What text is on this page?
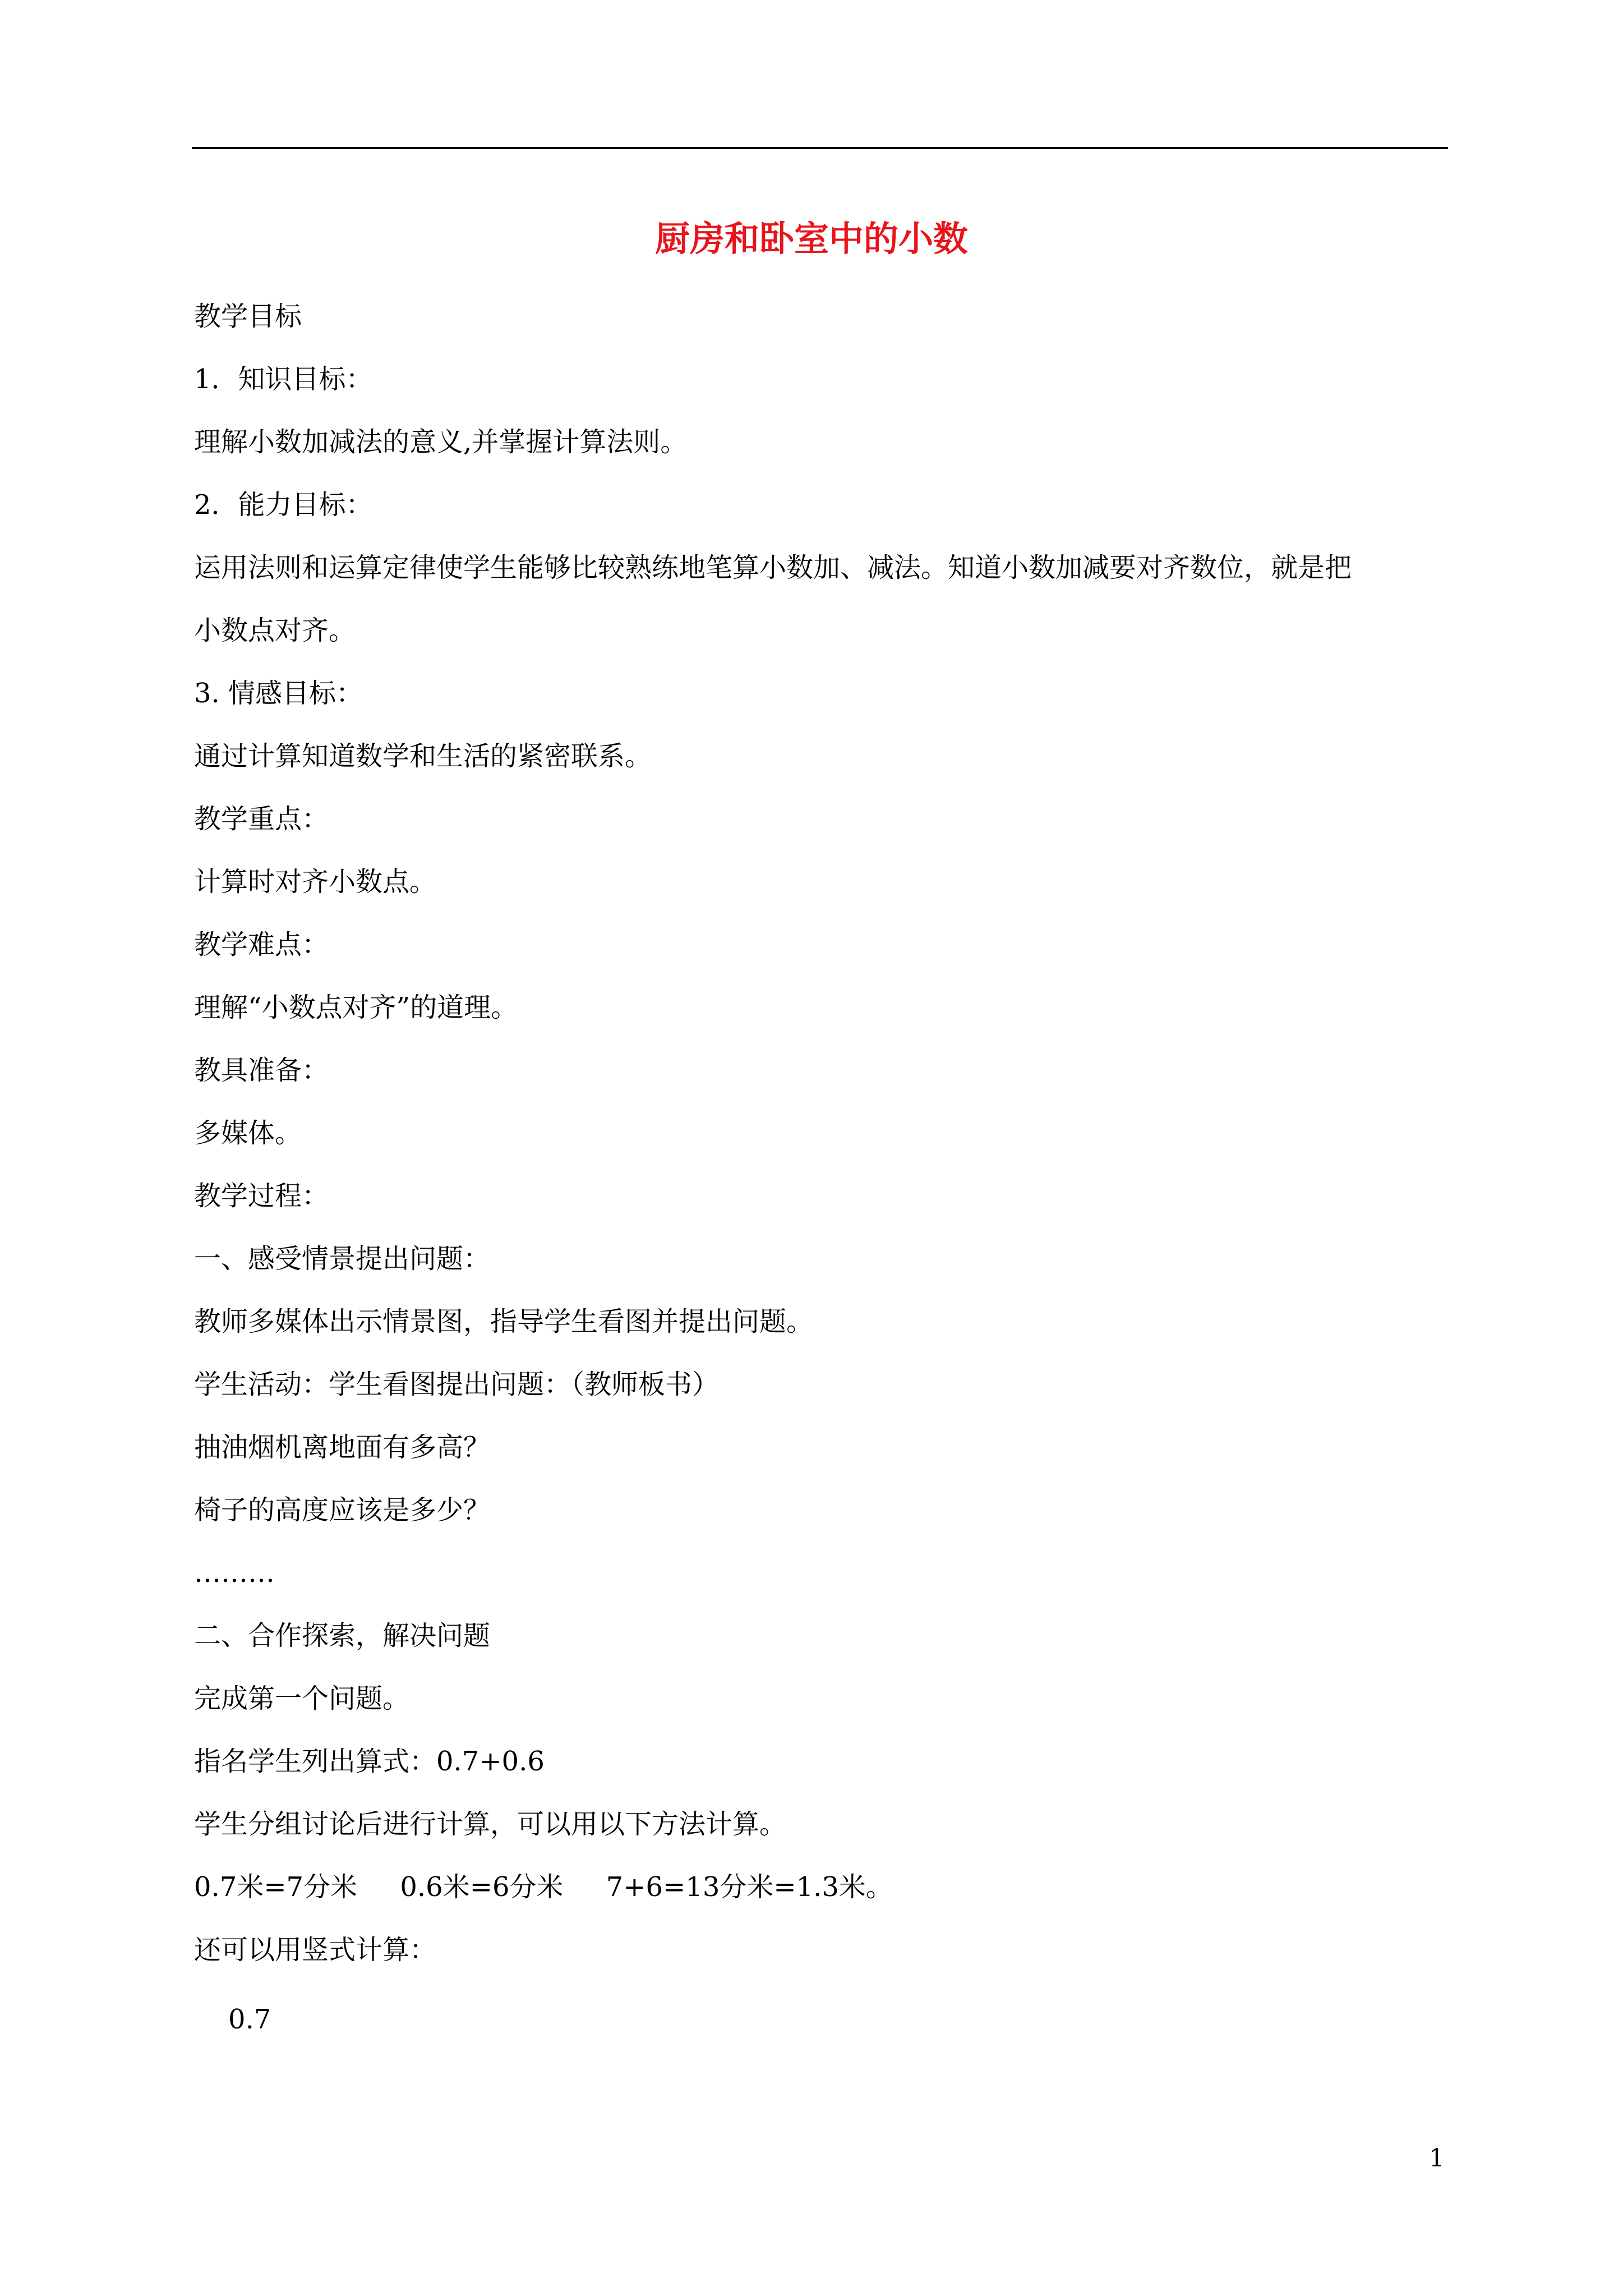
厨房和卧室中的小数
教学目标
1．知识目标：
理解小数加减法的意义,并掌握计算法则。
2．能力目标：
运用法则和运算定律使学生能够比较熟练地笔算小数加、减法。知道小数加减要对齐数位，就是把
小数点对齐。
3. 情感目标：
通过计算知道数学和生活的紧密联系。
教学重点：
计算时对齐小数点。
教学难点：
理解“小数点对齐”的道理。
教具准备：
多媒体。
教学过程：
一、感受情景提出问题：
教师多媒体出示情景图，指导学生看图并提出问题。
学生活动：学生看图提出问题：（教师板书）
抽油烟机离地面有多高？
椅子的高度应该是多少？
………
二、合作探索，解决问题
完成第一个问题。
指名学生列出算式：0.7+0.6
学生分组讨论后进行计算，可以用以下方法计算。
0.7米=7分米     0.6米=6分米     7+6=13分米=1.3米。
还可以用竖式计算：
0.7
1
